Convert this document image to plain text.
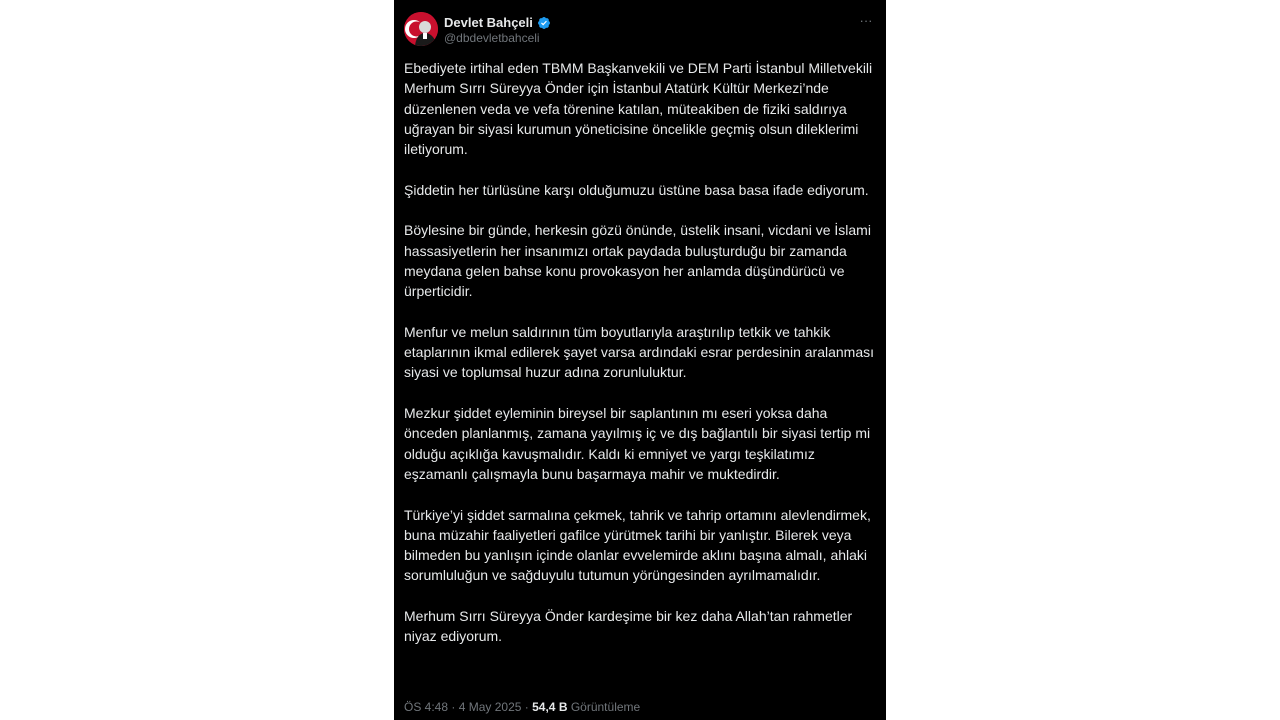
Devlet Bahçeli
@dbdevletbahceli
···

Ebediyete irtihal eden TBMM Başkanvekili ve DEM Parti İstanbul Milletvekili Merhum Sırrı Süreyya Önder için İstanbul Atatürk Kültür Merkezi’nde düzenlenen veda ve vefa törenine katılan, müteakiben de fiziki saldırıya uğrayan bir siyasi kurumun yöneticisine öncelikle geçmiş olsun dileklerimi iletiyorum.

Şiddetin her türlüsüne karşı olduğumuzu üstüne basa basa ifade ediyorum.

Böylesine bir günde, herkesin gözü önünde, üstelik insani, vicdani ve İslami hassasiyetlerin her insanımızı ortak paydada buluşturduğu bir zamanda meydana gelen bahse konu provokasyon her anlamda düşündürücü ve ürperticidir.

Menfur ve melun saldırının tüm boyutlarıyla araştırılıp tetkik ve tahkik etaplarının ikmal edilerek şayet varsa ardındaki esrar perdesinin aralanması siyasi ve toplumsal huzur adına zorunluluktur.

Mezkur şiddet eyleminin bireysel bir saplantının mı eseri yoksa daha önceden planlanmış, zamana yayılmış iç ve dış bağlantılı bir siyasi tertip mi olduğu açıklığa kavuşmalıdır. Kaldı ki emniyet ve yargı teşkilatımız eşzamanlı çalışmayla bunu başarmaya mahir ve muktedirdir.

Türkiye’yi şiddet sarmalına çekmek, tahrik ve tahrip ortamını alevlendirmek, buna müzahir faaliyetleri gafilce yürütmek tarihi bir yanlıştır. Bilerek veya bilmeden bu yanlışın içinde olanlar evvelemirde aklını başına almalı, ahlaki sorumluluğun ve sağduyulu tutumun yörüngesinden ayrılmamalıdır.

Merhum Sırrı Süreyya Önder kardeşime bir kez daha Allah’tan rahmetler niyaz ediyorum.

ÖS 4:48 · 4 May 2025 · 54,4 B Görüntüleme
